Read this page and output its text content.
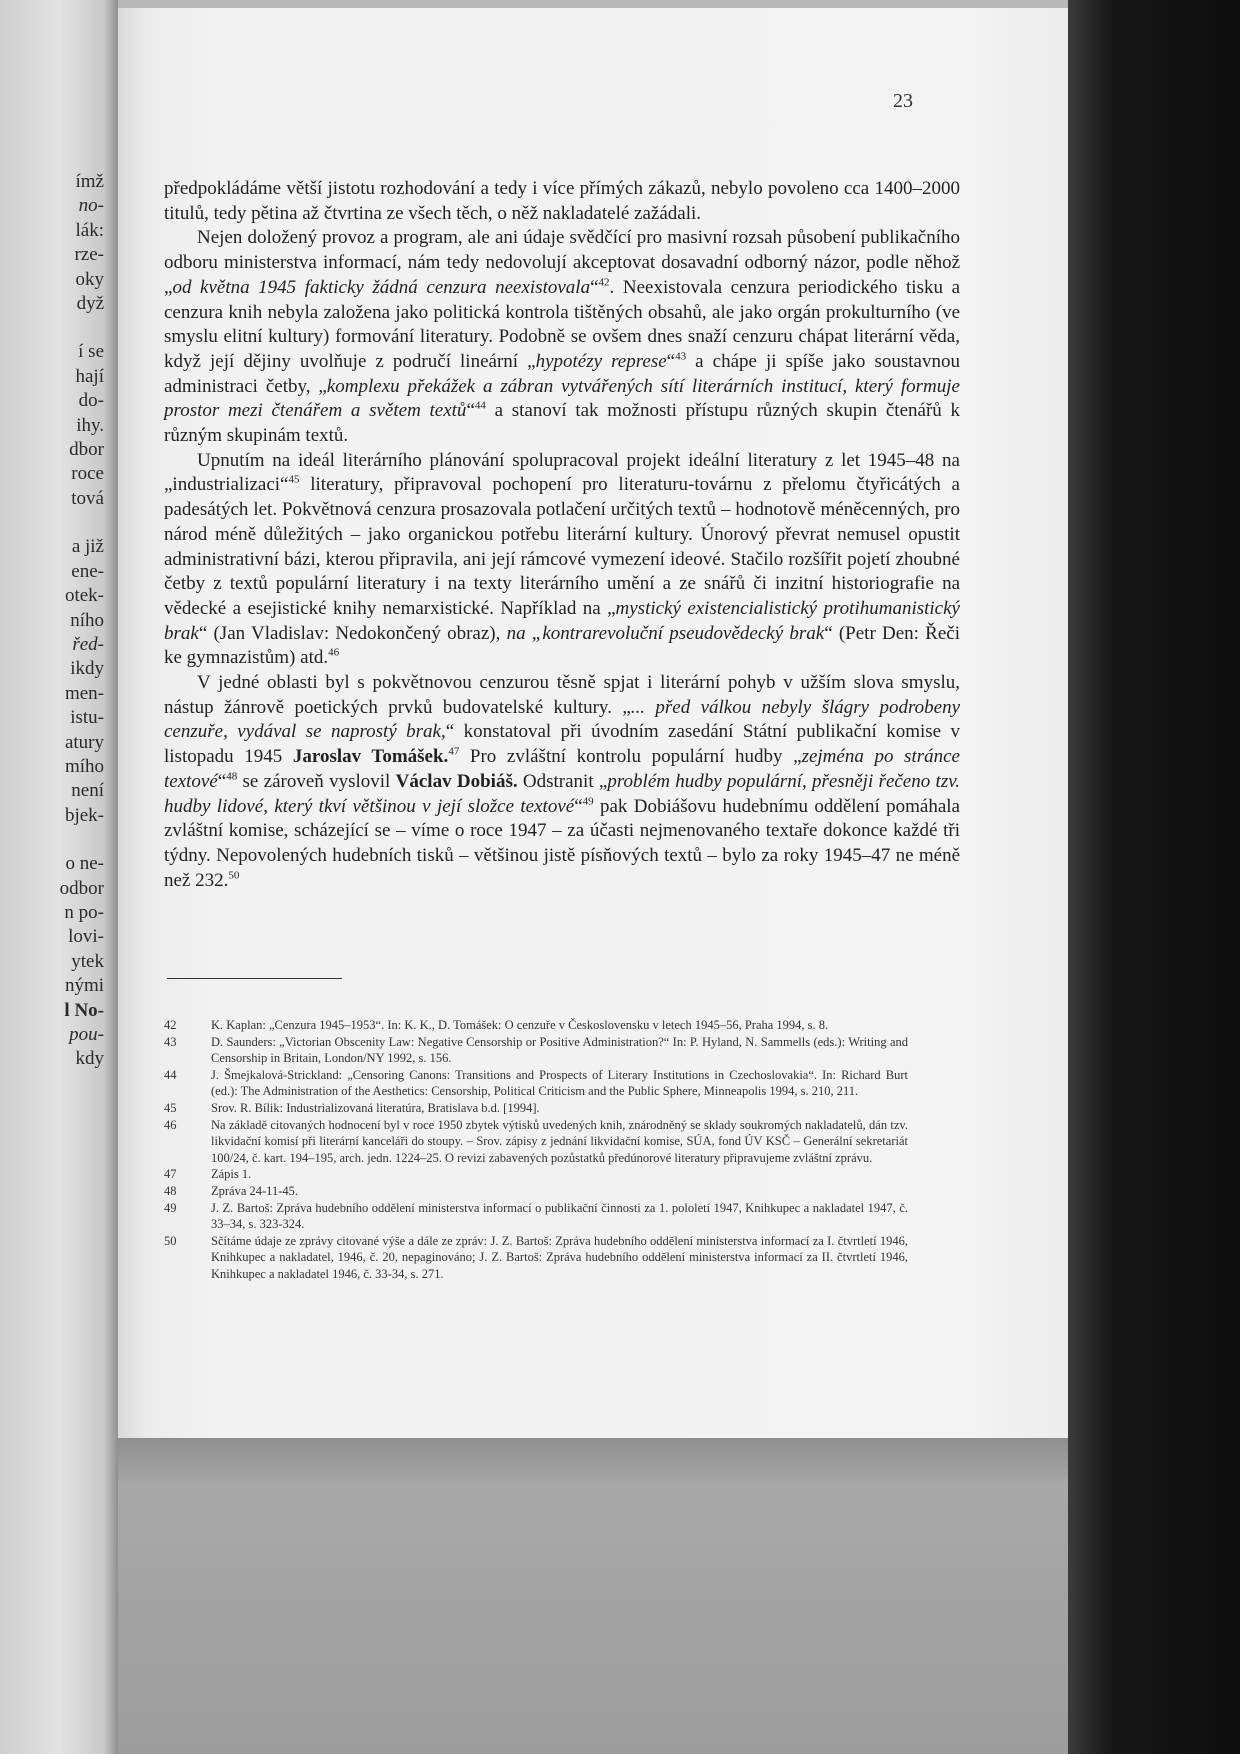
ímž
no-
lák:
rze-
oky
dyž
í se
hají
do-
ihy.
dbor
roce
tová
a již
ene-
otek-
ního
řed-
ikdy
men-
istu-
atury
mího
není
bjek-
o ne-
odbor
n po-
lovi-
ytek
nými
l No-
pou-
kdy
23

předpokládáme větší jistotu rozhodování a tedy i více přímých zákazů, nebylo povoleno cca 1400–2000 titulů, tedy pětina až čtvrtina ze všech těch, o něž nakladatelé zažádali.

Nejen doložený provoz a program, ale ani údaje svědčící pro masivní rozsah působení publikačního odboru ministerstva informací, nám tedy nedovolují akceptovat dosavadní odborný názor, podle něhož „od května 1945 fakticky žádná cenzura neexistovala“$^{42}$. Neexistovala cenzura periodického tisku a cenzura knih nebyla založena jako politická kontrola tištěných obsahů, ale jako orgán prokulturního (ve smyslu elitní kultury) formování literatury. Podobně se ovšem dnes snaží cenzuru chápat literární věda, když její dějiny uvolňuje z područí lineární „hypotézy represe“$^{43}$ a chápe ji spíše jako soustavnou administraci četby, „komplexu překážek a zábran vytvářených sítí literárních institucí, který formuje prostor mezi čtenářem a světem textů“$^{44}$ a stanoví tak možnosti přístupu různých skupin čtenářů k různým skupinám textů.

Upnutím na ideál literárního plánování spolupracoval projekt ideální literatury z let 1945–48 na „industrializaci“$^{45}$ literatury, připravoval pochopení pro literaturu-továrnu z přelomu čtyřicátých a padesátých let. Pokvětnová cenzura prosazovala potlačení určitých textů – hodnotově méněcenných, pro národ méně důležitých – jako organickou potřebu literární kultury. Únorový převrat nemusel opustit administrativní bázi, kterou připravila, ani její rámcové vymezení ideové. Stačilo rozšířit pojetí zhoubné četby z textů populární literatury i na texty literárního umění a ze snářů či inzitní historiografie na vědecké a esejistické knihy nemarxistické. Například na „mystický existencialistický protihumanistický brak“ (Jan Vladislav: Nedokončený obraz), na „kontrarevoluční pseudovědecký brak“ (Petr Den: Řeči ke gymnazistům) atd.$^{46}$

V jedné oblasti byl s pokvětnovou cenzurou těsně spjat i literární pohyb v užším slova smyslu, nástup žánrově poetických prvků budovatelské kultury. „... před válkou nebyly šlágry podrobeny cenzuře, vydával se naprostý brak,“ konstatoval při úvodním zasedání Státní publikační komise v listopadu 1945 Jaroslav Tomášek.$^{47}$ Pro zvláštní kontrolu populární hudby „zejména po stránce textové“$^{48}$ se zároveň vyslovil Václav Dobiáš. Odstranit „problém hudby populární, přesněji řečeno tzv. hudby lidové, který tkví většinou v její složce textové“$^{49}$ pak Dobiášovu hudebnímu oddělení pomáhala zvláštní komise, scházející se – víme o roce 1947 – za účasti nejmenovaného textaře dokonce každé tři týdny. Nepovolených hudebních tisků – většinou jistě písňových textů – bylo za roky 1945–47 ne méně než 232.50

42	K. Kaplan: „Cenzura 1945–1953“. In: K. K., D. Tomášek: O cenzuře v Československu v letech 1945–56, Praha 1994, s. 8.
43	D. Saunders: „Victorian Obscenity Law: Negative Censorship or Positive Administration?“ In: P. Hyland, N. Sammells (eds.): Writing and Censorship in Britain, London/NY 1992, s. 156.
44	J. Šmejkalová-Strickland: „Censoring Canons: Transitions and Prospects of Literary Institutions in Czechoslovakia“. In: Richard Burt (ed.): The Administration of the Aesthetics: Censorship, Political Criticism and the Public Sphere, Minneapolis 1994, s. 210, 211.
45	Srov. R. Bílik: Industrializovaná literatúra, Bratislava b.d. [1994].
46	Na základě citovaných hodnocení byl v roce 1950 zbytek výtisků uvedených knih, znárodněný se sklady soukromých nakladatelů, dán tzv. likvidační komisí při literární kanceláři do stoupy. – Srov. zápisy z jednání likvidační komise, SÚA, fond ÚV KSČ – Generální sekretariát 100/24, č. kart. 194–195, arch. jedn. 1224–25. O revizi zabavených pozůstatků předúnorové literatury připravujeme zvláštní zprávu.
47	Zápis 1.
48	Zpráva 24-11-45.
49	J. Z. Bartoš: Zpráva hudebního oddělení ministerstva informací o publikační činnosti za 1. pololetí 1947, Knihkupec a nakladatel 1947, č. 33–34, s. 323-324.
50	Sčítáme údaje ze zprávy citované výše a dále ze zpráv: J. Z. Bartoš: Zpráva hudebního oddělení ministerstva informací za I. čtvrtletí 1946, Knihkupec a nakladatel, 1946, č. 20, nepaginováno; J. Z. Bartoš: Zpráva hudebního oddělení ministerstva informací za II. čtvrtletí 1946, Knihkupec a nakladatel 1946, č. 33-34, s. 271.
